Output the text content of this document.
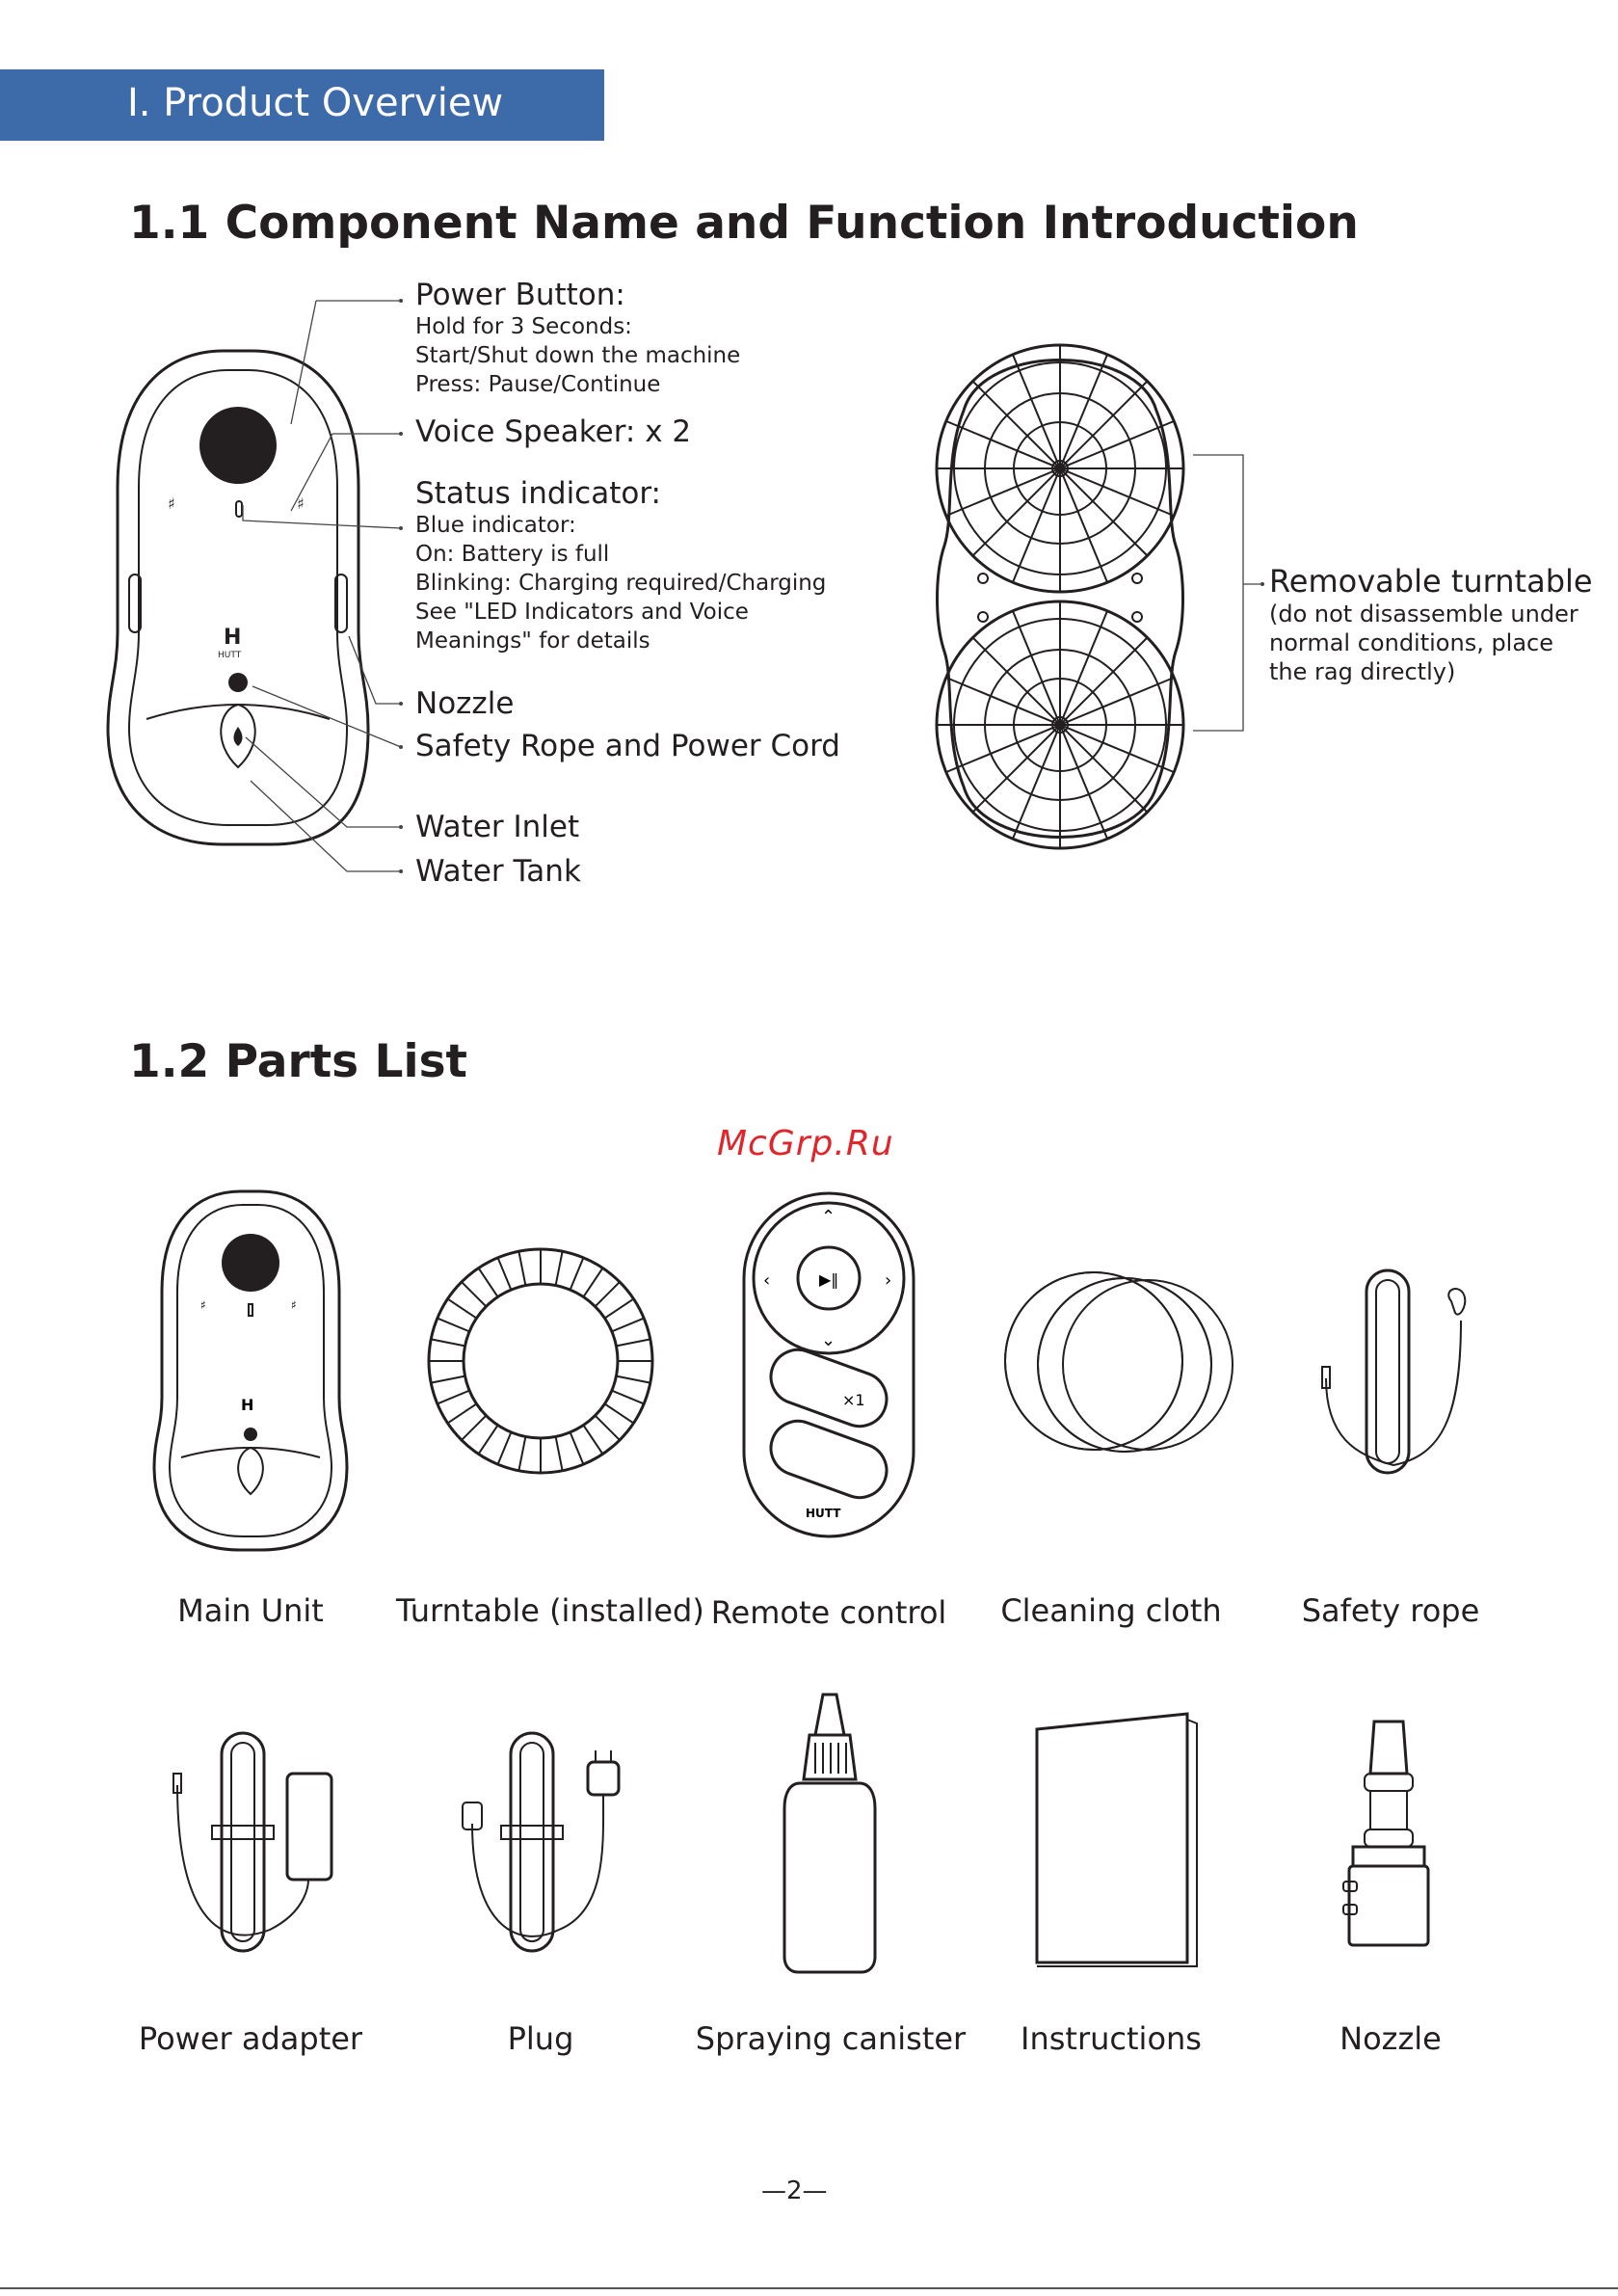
I. Product Overview
1.1 Component Name and Function Introduction
♯	♯
H
HUTT
Power Button:
Hold for 3 Seconds:
Start/Shut down the machine
Press: Pause/Continue
Voice Speaker: x 2
Status indicator:
Blue indicator:
On: Battery is full
Blinking: Charging required/Charging
See "LED Indicators and Voice
Meanings" for details
Nozzle
Safety Rope and Power Cord
Water Inlet
Water Tank
Removable turntable
(do not disassemble under
normal conditions, place
the rag directly)
1.2 Parts List
McGrp.Ru
♯	♯
H
▶‖
⌃
⌄
‹	›
×1
HUTT
Main Unit	Turntable (installed) Remote control	Cleaning cloth	Safety rope
Power adapter	Plug	Spraying canister	Instructions	Nozzle
—2—
